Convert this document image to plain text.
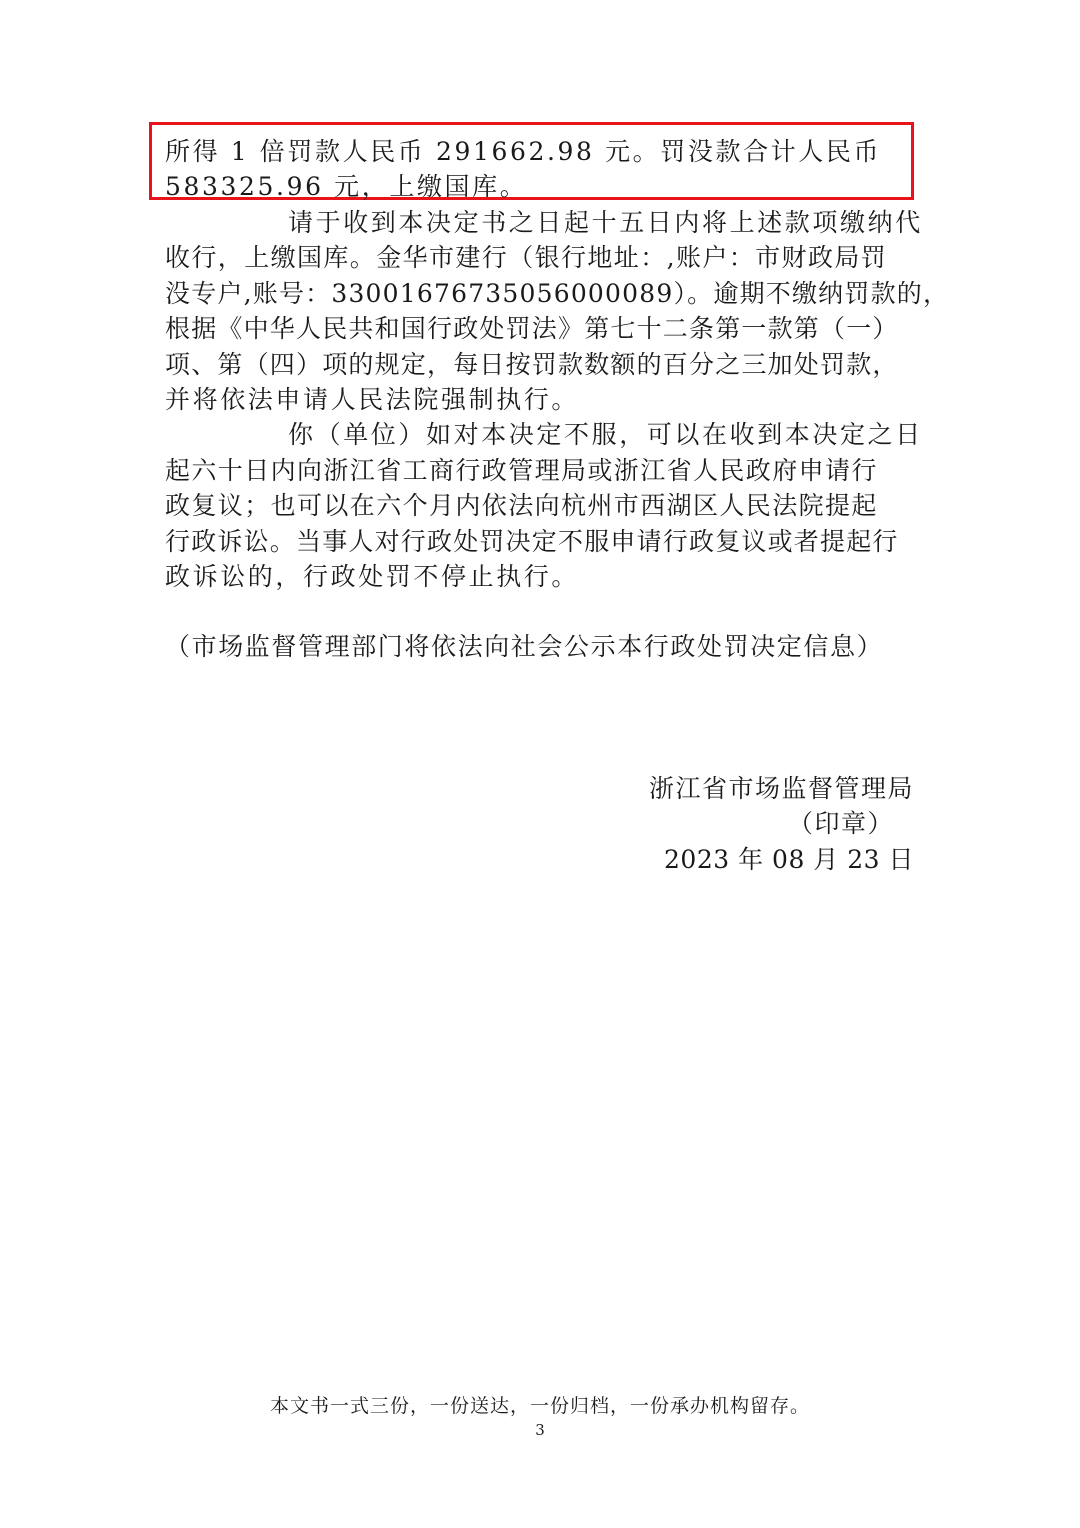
所得 1 倍罚款人民币 291662.98 元。罚没款合计人民币
583325.96 元，上缴国库。
请于收到本决定书之日起十五日内将上述款项缴纳代
收行，上缴国库。金华市建行（银行地址：,账户：市财政局罚
没专户,账号：33001676735056000089）。逾期不缴纳罚款的，
根据《中华人民共和国行政处罚法》第七十二条第一款第（一）
项、第（四）项的规定，每日按罚款数额的百分之三加处罚款，
并将依法申请人民法院强制执行。
你（单位）如对本决定不服，可以在收到本决定之日
起六十日内向浙江省工商行政管理局或浙江省人民政府申请行
政复议；也可以在六个月内依法向杭州市西湖区人民法院提起
行政诉讼。当事人对行政处罚决定不服申请行政复议或者提起行
政诉讼的，行政处罚不停止执行。
（市场监督管理部门将依法向社会公示本行政处罚决定信息）
浙江省市场监督管理局
（印章）
2023 年 08 月 23 日
本文书一式三份，一份送达，一份归档，一份承办机构留存。
3
